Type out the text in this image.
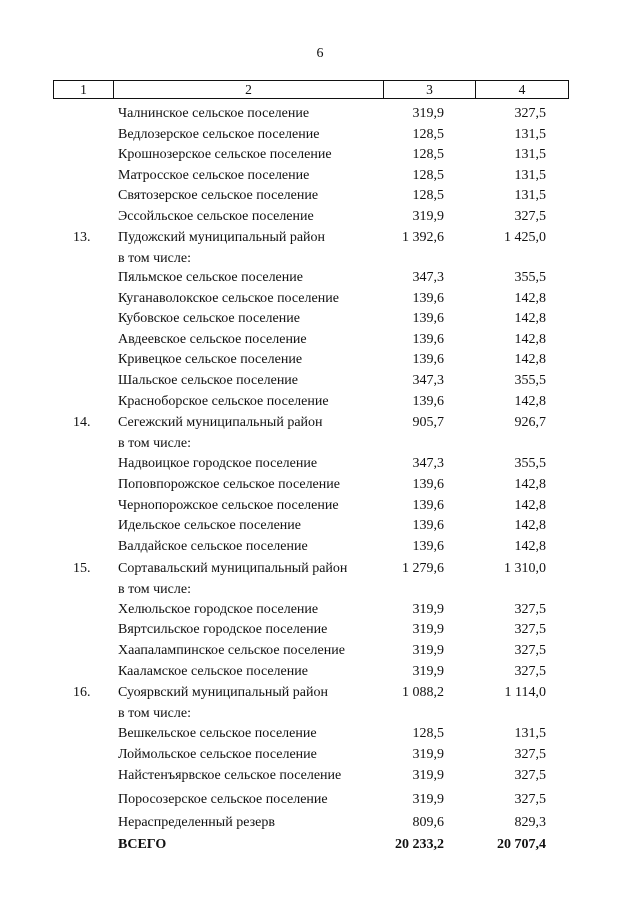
6
1	2	3	4
Чалнинское сельское поселение	319,9	327,5
Ведлозерское сельское поселение	128,5	131,5
Крошнозерское сельское поселение	128,5	131,5
Матросское сельское поселение	128,5	131,5
Святозерское сельское поселение	128,5	131,5
Эссойльское сельское поселение	319,9	327,5
13. Пудожский муниципальный район	1 392,6	1 425,0
в том числе:
Пяльмское сельское поселение	347,3	355,5
Куганаволокское сельское поселение	139,6	142,8
Кубовское сельское поселение	139,6	142,8
Авдеевское сельское поселение	139,6	142,8
Кривецкое сельское поселение	139,6	142,8
Шальское сельское поселение	347,3	355,5
Красноборское сельское поселение	139,6	142,8
14. Сегежский муниципальный район	905,7	926,7
в том числе:
Надвоицкое городское поселение	347,3	355,5
Поповпорожское сельское поселение	139,6	142,8
Чернопорожское сельское поселение	139,6	142,8
Идельское сельское поселение	139,6	142,8
Валдайское сельское поселение	139,6	142,8
15. Сортавальский муниципальный район	1 279,6	1 310,0
в том числе:
Хелюльское городское поселение	319,9	327,5
Вяртсильское городское поселение	319,9	327,5
Хаапалампинское сельское поселение	319,9	327,5
Кааламское сельское поселение	319,9	327,5
16. Суоярвский муниципальный район	1 088,2	1 114,0
в том числе:
Вешкельское сельское поселение	128,5	131,5
Лоймольское сельское поселение	319,9	327,5
Найстенъярвское сельское поселение	319,9	327,5
Поросозерское сельское поселение	319,9	327,5
Нераспределенный резерв	809,6	829,3
ВСЕГО	20 233,2	20 707,4
